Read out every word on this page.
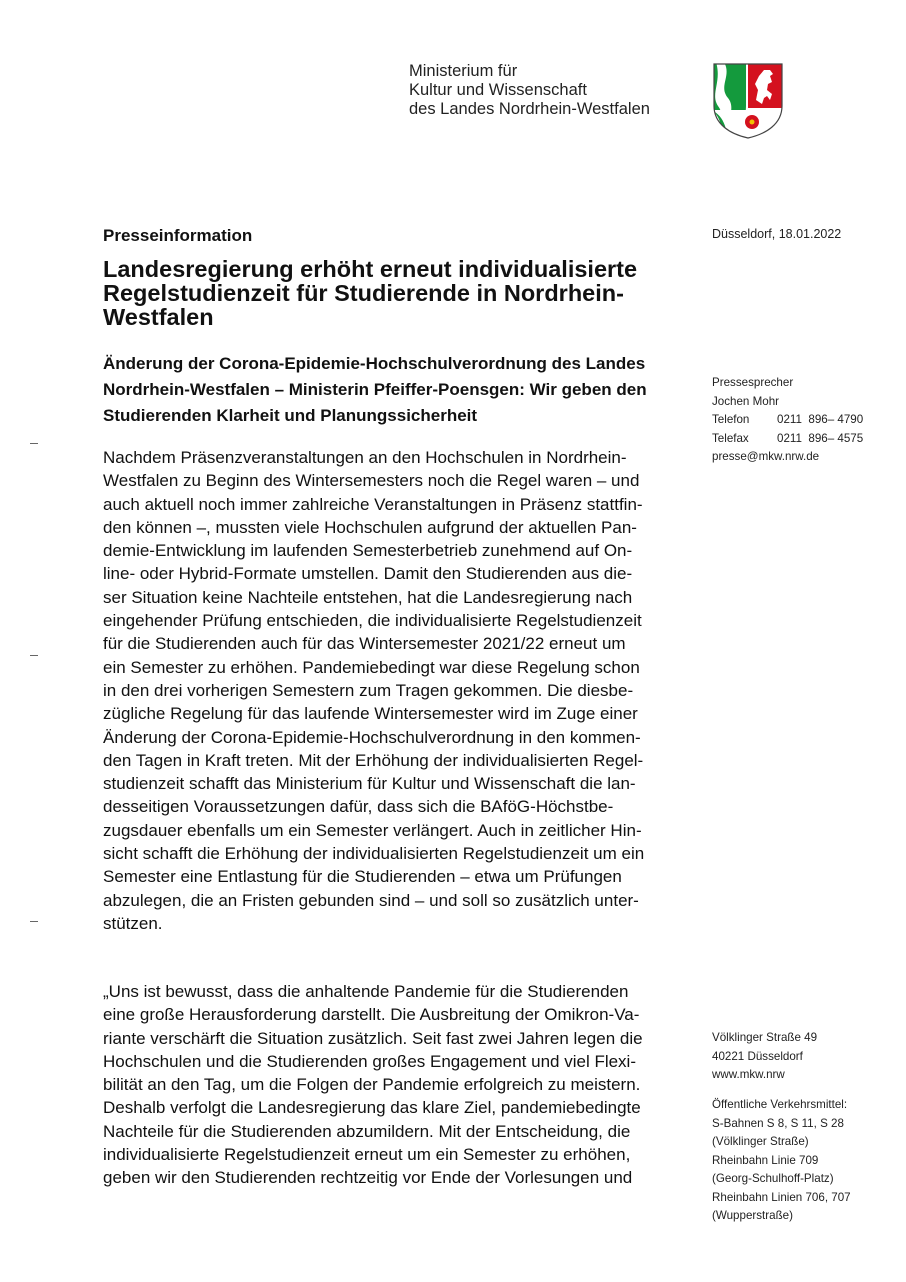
Ministerium für
Kultur und Wissenschaft
des Landes Nordrhein-Westfalen
Presseinformation	Düsseldorf, 18.01.2022
Landesregierung erhöht erneut individualisierte
Regelstudienzeit für Studierende in Nordrhein-
Westfalen
Änderung der Corona-Epidemie-Hochschulverordnung des Landes
Nordrhein-Westfalen – Ministerin Pfeiffer-Poensgen: Wir geben den
Studierenden Klarheit und Planungssicherheit
Nachdem Präsenzveranstaltungen an den Hochschulen in Nordrhein-
Westfalen zu Beginn des Wintersemesters noch die Regel waren – und
auch aktuell noch immer zahlreiche Veranstaltungen in Präsenz stattfin-
den können –, mussten viele Hochschulen aufgrund der aktuellen Pan-
demie-Entwicklung im laufenden Semesterbetrieb zunehmend auf On-
line- oder Hybrid-Formate umstellen. Damit den Studierenden aus die-
ser Situation keine Nachteile entstehen, hat die Landesregierung nach
eingehender Prüfung entschieden, die individualisierte Regelstudienzeit
für die Studierenden auch für das Wintersemester 2021/22 erneut um
ein Semester zu erhöhen. Pandemiebedingt war diese Regelung schon
in den drei vorherigen Semestern zum Tragen gekommen. Die diesbe-
zügliche Regelung für das laufende Wintersemester wird im Zuge einer
Änderung der Corona-Epidemie-Hochschulverordnung in den kommen-
den Tagen in Kraft treten. Mit der Erhöhung der individualisierten Regel-
studienzeit schafft das Ministerium für Kultur und Wissenschaft die lan-
desseitigen Voraussetzungen dafür, dass sich die BAföG-Höchstbe-
zugsdauer ebenfalls um ein Semester verlängert. Auch in zeitlicher Hin-
sicht schafft die Erhöhung der individualisierten Regelstudienzeit um ein
Semester eine Entlastung für die Studierenden – etwa um Prüfungen
abzulegen, die an Fristen gebunden sind – und soll so zusätzlich unter-
stützen.
„Uns ist bewusst, dass die anhaltende Pandemie für die Studierenden
eine große Herausforderung darstellt. Die Ausbreitung der Omikron-Va-
riante verschärft die Situation zusätzlich. Seit fast zwei Jahren legen die
Hochschulen und die Studierenden großes Engagement und viel Flexi-
bilität an den Tag, um die Folgen der Pandemie erfolgreich zu meistern.
Deshalb verfolgt die Landesregierung das klare Ziel, pandemiebedingte
Nachteile für die Studierenden abzumildern. Mit der Entscheidung, die
individualisierte Regelstudienzeit erneut um ein Semester zu erhöhen,
geben wir den Studierenden rechtzeitig vor Ende der Vorlesungen und
Pressesprecher
Jochen Mohr
Telefon 0211  896– 4790
Telefax 0211  896– 4575
presse@mkw.nrw.de
Völklinger Straße 49
40221 Düsseldorf
www.mkw.nrw
Öffentliche Verkehrsmittel:
S-Bahnen S 8, S 11, S 28
(Völklinger Straße)
Rheinbahn Linie 709
(Georg-Schulhoff-Platz)
Rheinbahn Linien 706, 707
(Wupperstraße)
